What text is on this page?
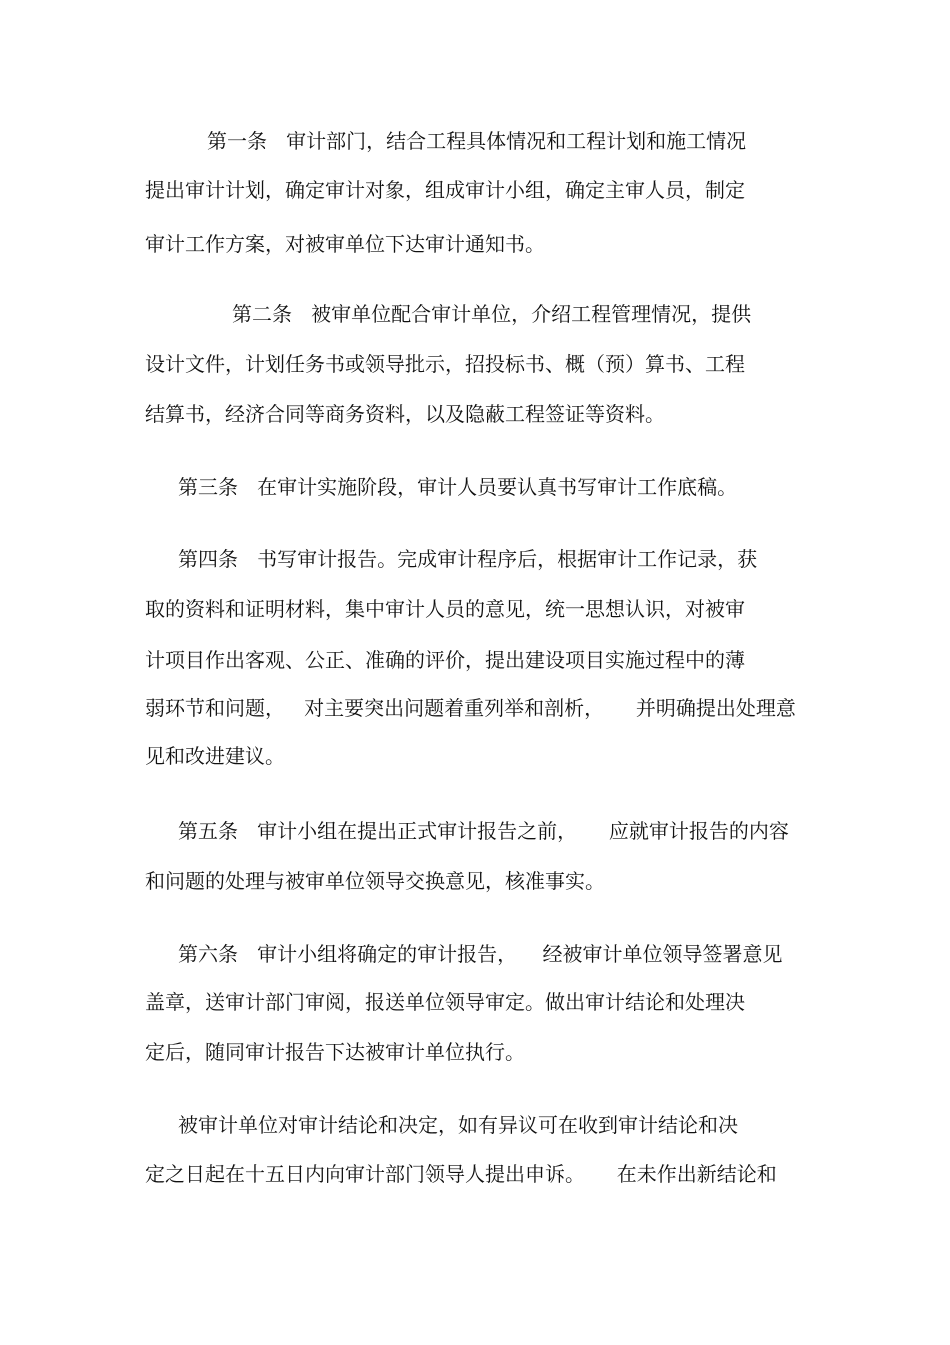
第一条   审计部门，结合工程具体情况和工程计划和施工情况
提出审计计划，确定审计对象，组成审计小组，确定主审人员，制定
审计工作方案，对被审单位下达审计通知书。
第二条   被审单位配合审计单位，介绍工程管理情况，提供
设计文件，计划任务书或领导批示，招投标书、概（预）算书、工程
结算书，经济合同等商务资料，以及隐蔽工程签证等资料。
第三条   在审计实施阶段，审计人员要认真书写审计工作底稿。
第四条   书写审计报告。完成审计程序后，根据审计工作记录，获
取的资料和证明材料，集中审计人员的意见，统一思想认识，对被审
计项目作出客观、公正、准确的评价，提出建设项目实施过程中的薄
弱环节和问题，   对主要突出问题着重列举和剖析，     并明确提出处理意
见和改进建议。
第五条   审计小组在提出正式审计报告之前，     应就审计报告的内容
和问题的处理与被审单位领导交换意见，核准事实。
第六条   审计小组将确定的审计报告，    经被审计单位领导签署意见
盖章，送审计部门审阅，报送单位领导审定。做出审计结论和处理决
定后，随同审计报告下达被审计单位执行。
被审计单位对审计结论和决定，如有异议可在收到审计结论和决
定之日起在十五日内向审计部门领导人提出申诉。     在未作出新结论和
